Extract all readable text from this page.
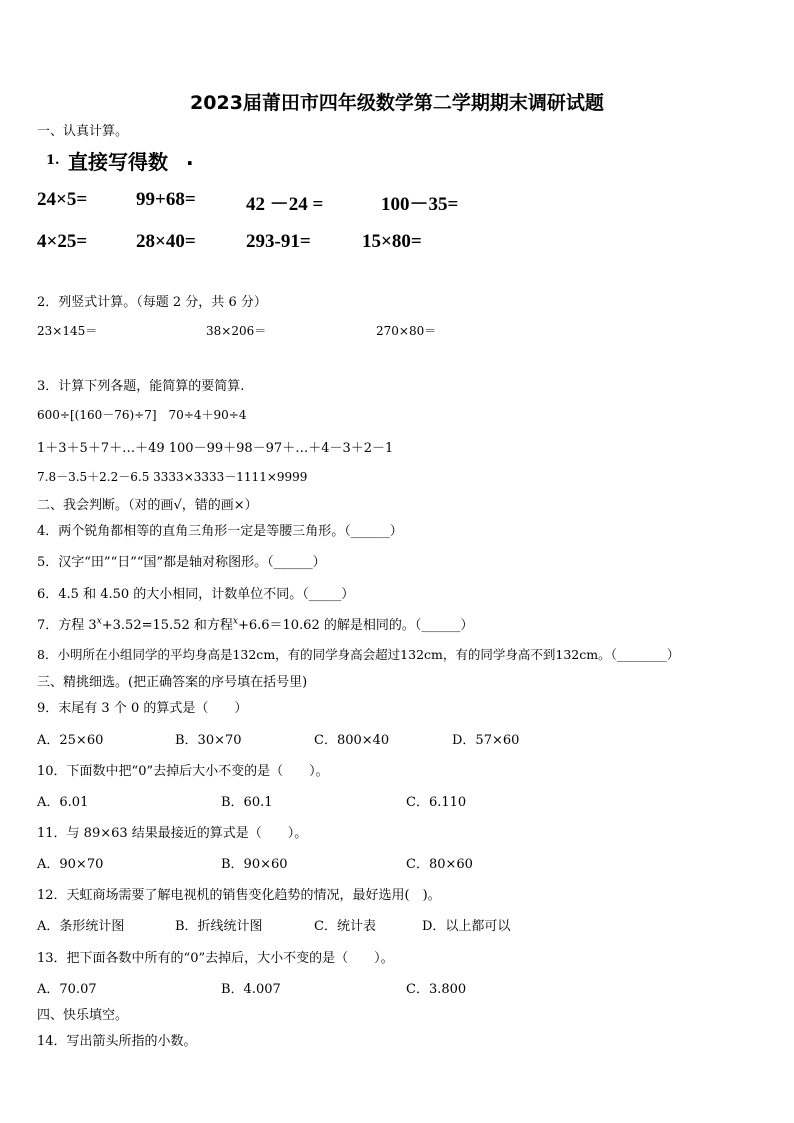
2023届莆田市四年级数学第二学期期末调研试题
一、认真计算。
1. 直接写得数 .
24×5=	99+68=	42 －24 =	100－35=
4×25=	28×40=	293-91=	15×80=
2．列竖式计算。（每题 2 分，共 6 分）
23×145＝	38×206＝	270×80＝
3．计算下列各题，能简算的要简算.
600÷[(160－76)÷7]　70÷4＋90÷4
1＋3＋5＋7＋…＋49 100－99＋98－97＋…＋4－3＋2－1
7.8－3.5＋2.2－6.5 3333×3333－1111×9999
二、我会判断。（对的画√，错的画×）
4．两个锐角都相等的直角三角形一定是等腰三角形。（______）
5．汉字“田”“日”“国”都是轴对称图形。（______）
6．4.5 和 4.50 的大小相同，计数单位不同。（_____）
7．方程 $3^x+3.52=15.52$ 和方程$^x$+6.6＝10.62 的解是相同的。（______）
8．小明所在小组同学的平均身高是132cm，有的同学身高会超过132cm，有的同学身高不到132cm。（________）
三、精挑细选。(把正确答案的序号填在括号里)
9．末尾有 3 个 0 的算式是（　　）
A．25×60	B．30×70	C．800×40	D．57×60
10．下面数中把“0”去掉后大小不变的是（　　）。
A．6.01	B．60.1	C．6.110
11．与 89×63 结果最接近的算式是（　　）。
A．90×70	B．90×60	C．80×60
12．天虹商场需要了解电视机的销售变化趋势的情况，最好选用(　)。
A．条形统计图	B．折线统计图	C．统计表	D．以上都可以
13．把下面各数中所有的“0”去掉后，大小不变的是（　　）。
A．70.07	B．4.007	C．3.800
四、快乐填空。
14．写出箭头所指的小数。
